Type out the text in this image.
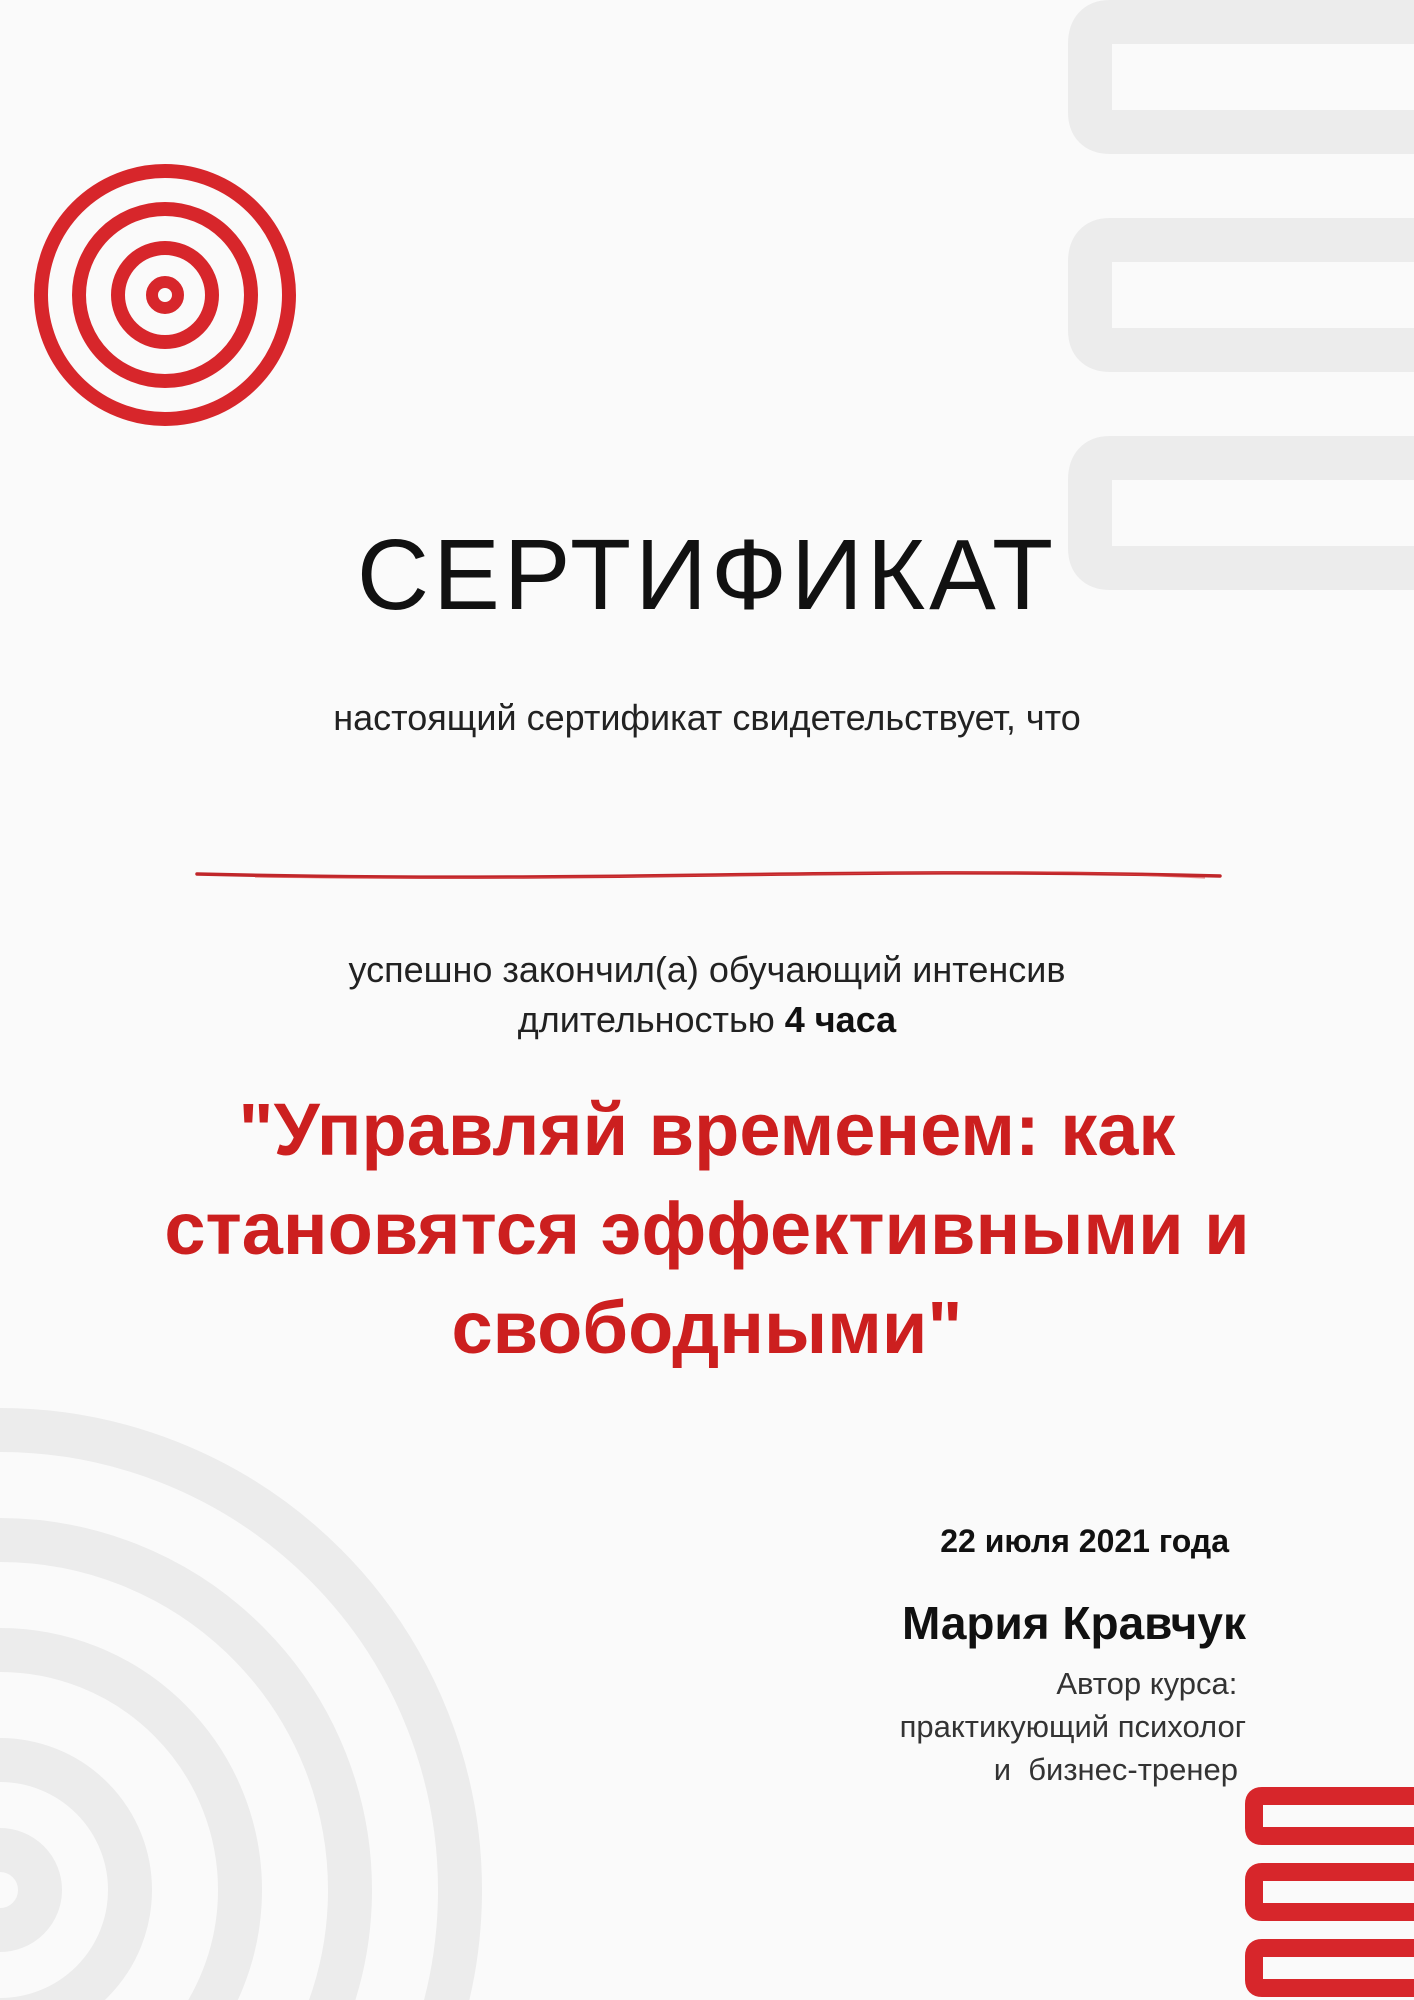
СЕРТИФИКАТ
настоящий сертификат свидетельствует, что
успешно закончил(а) обучающий интенсив
длительностью 4 часа
"Управляй временем: как становятся эффективными и свободными"
22 июля 2021 года
Мария Кравчук
Автор курса:
практикующий психолог
и  бизнес-тренер
